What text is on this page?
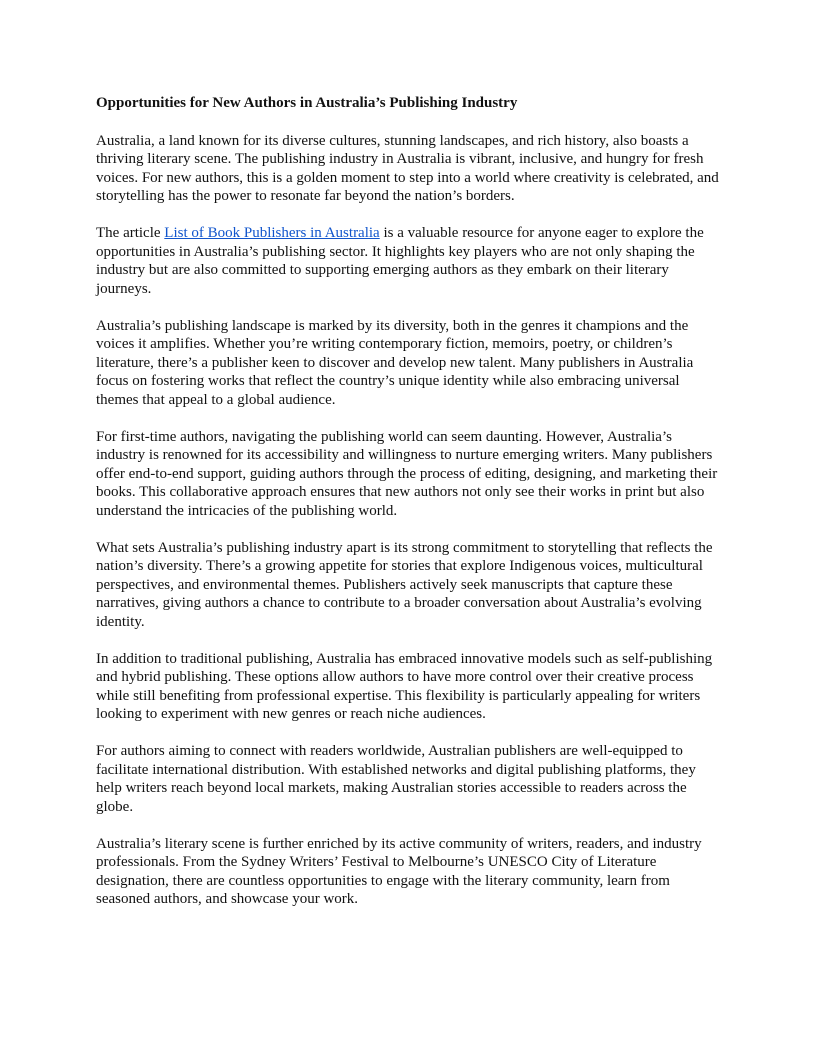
Opportunities for New Authors in Australia’s Publishing Industry

Australia, a land known for its diverse cultures, stunning landscapes, and rich history, also boasts a thriving literary scene. The publishing industry in Australia is vibrant, inclusive, and hungry for fresh voices. For new authors, this is a golden moment to step into a world where creativity is celebrated, and storytelling has the power to resonate far beyond the nation’s borders.

The article List of Book Publishers in Australia is a valuable resource for anyone eager to explore the opportunities in Australia’s publishing sector. It highlights key players who are not only shaping the industry but are also committed to supporting emerging authors as they embark on their literary journeys.

Australia’s publishing landscape is marked by its diversity, both in the genres it champions and the voices it amplifies. Whether you’re writing contemporary fiction, memoirs, poetry, or children’s literature, there’s a publisher keen to discover and develop new talent. Many publishers in Australia focus on fostering works that reflect the country’s unique identity while also embracing universal themes that appeal to a global audience.

For first-time authors, navigating the publishing world can seem daunting. However, Australia’s industry is renowned for its accessibility and willingness to nurture emerging writers. Many publishers offer end-to-end support, guiding authors through the process of editing, designing, and marketing their books. This collaborative approach ensures that new authors not only see their works in print but also understand the intricacies of the publishing world.

What sets Australia’s publishing industry apart is its strong commitment to storytelling that reflects the nation’s diversity. There’s a growing appetite for stories that explore Indigenous voices, multicultural perspectives, and environmental themes. Publishers actively seek manuscripts that capture these narratives, giving authors a chance to contribute to a broader conversation about Australia’s evolving identity.

In addition to traditional publishing, Australia has embraced innovative models such as self-publishing and hybrid publishing. These options allow authors to have more control over their creative process while still benefiting from professional expertise. This flexibility is particularly appealing for writers looking to experiment with new genres or reach niche audiences.

For authors aiming to connect with readers worldwide, Australian publishers are well-equipped to facilitate international distribution. With established networks and digital publishing platforms, they help writers reach beyond local markets, making Australian stories accessible to readers across the globe.

Australia’s literary scene is further enriched by its active community of writers, readers, and industry professionals. From the Sydney Writers’ Festival to Melbourne’s UNESCO City of Literature designation, there are countless opportunities to engage with the literary community, learn from seasoned authors, and showcase your work.
